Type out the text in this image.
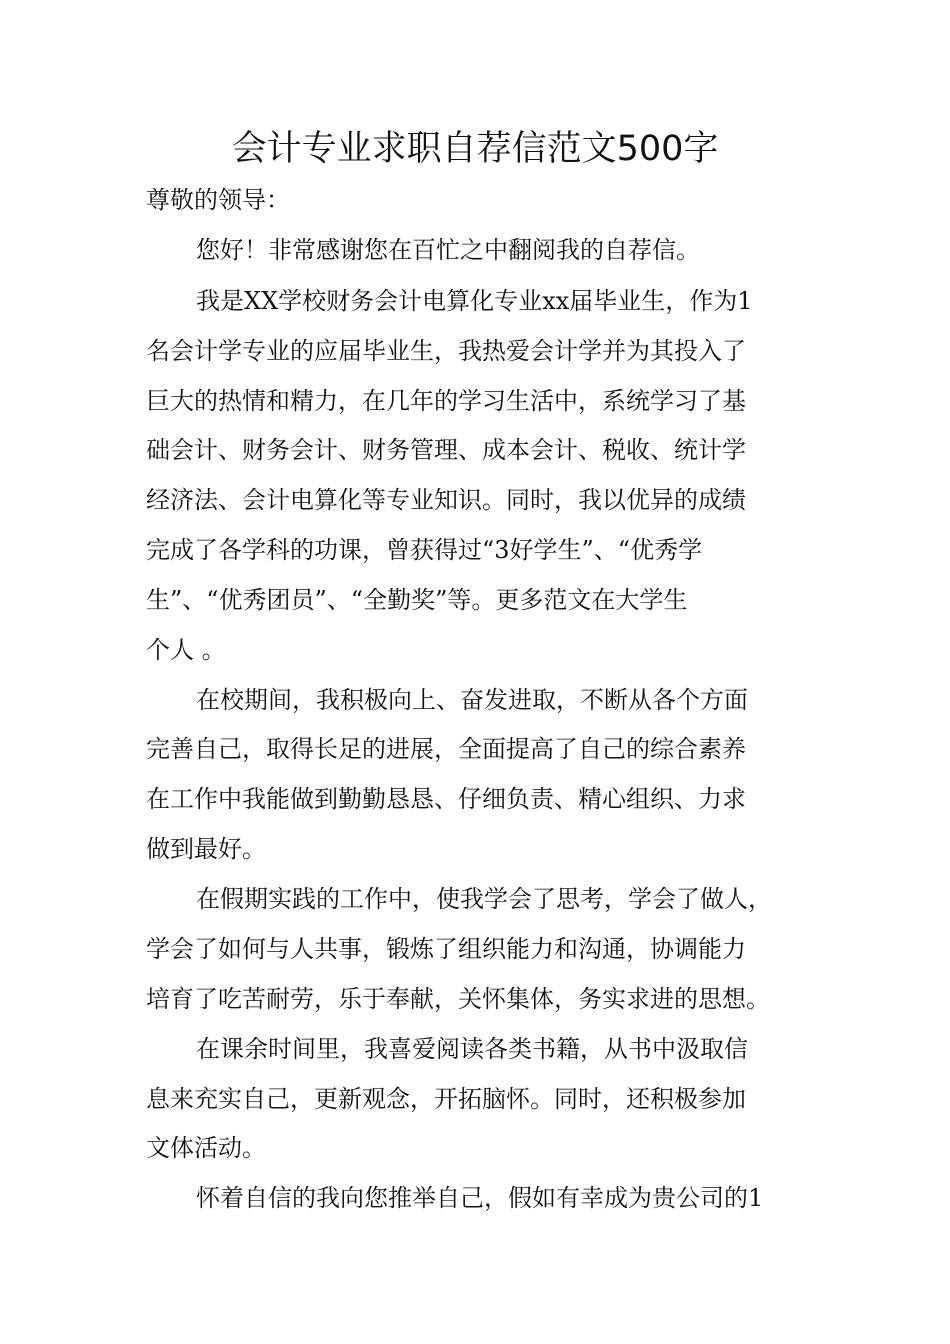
会计专业求职自荐信范文500字

尊敬的领导：

您好！非常感谢您在百忙之中翻阅我的自荐信。

我是XX学校财务会计电算化专业xx届毕业生，作为1

名会计学专业的应届毕业生，我热爱会计学并为其投入了

巨大的热情和精力，在几年的学习生活中，系统学习了基

础会计、财务会计、财务管理、成本会计、税收、统计学

经济法、会计电算化等专业知识。同时，我以优异的成绩

完成了各学科的功课，曾获得过“3好学生”、“优秀学

生”、“优秀团员”、“全勤奖”等。更多范文在大学生

个人 。

在校期间，我积极向上、奋发进取，不断从各个方面

完善自己，取得长足的进展，全面提高了自己的综合素养

在工作中我能做到勤勤恳恳、仔细负责、精心组织、力求

做到最好。

在假期实践的工作中，使我学会了思考，学会了做人，

学会了如何与人共事，锻炼了组织能力和沟通，协调能力

培育了吃苦耐劳，乐于奉献，关怀集体，务实求进的思想。

在课余时间里，我喜爱阅读各类书籍，从书中汲取信

息来充实自己，更新观念，开拓脑怀。同时，还积极参加

文体活动。

怀着自信的我向您推举自己，假如有幸成为贵公司的1
